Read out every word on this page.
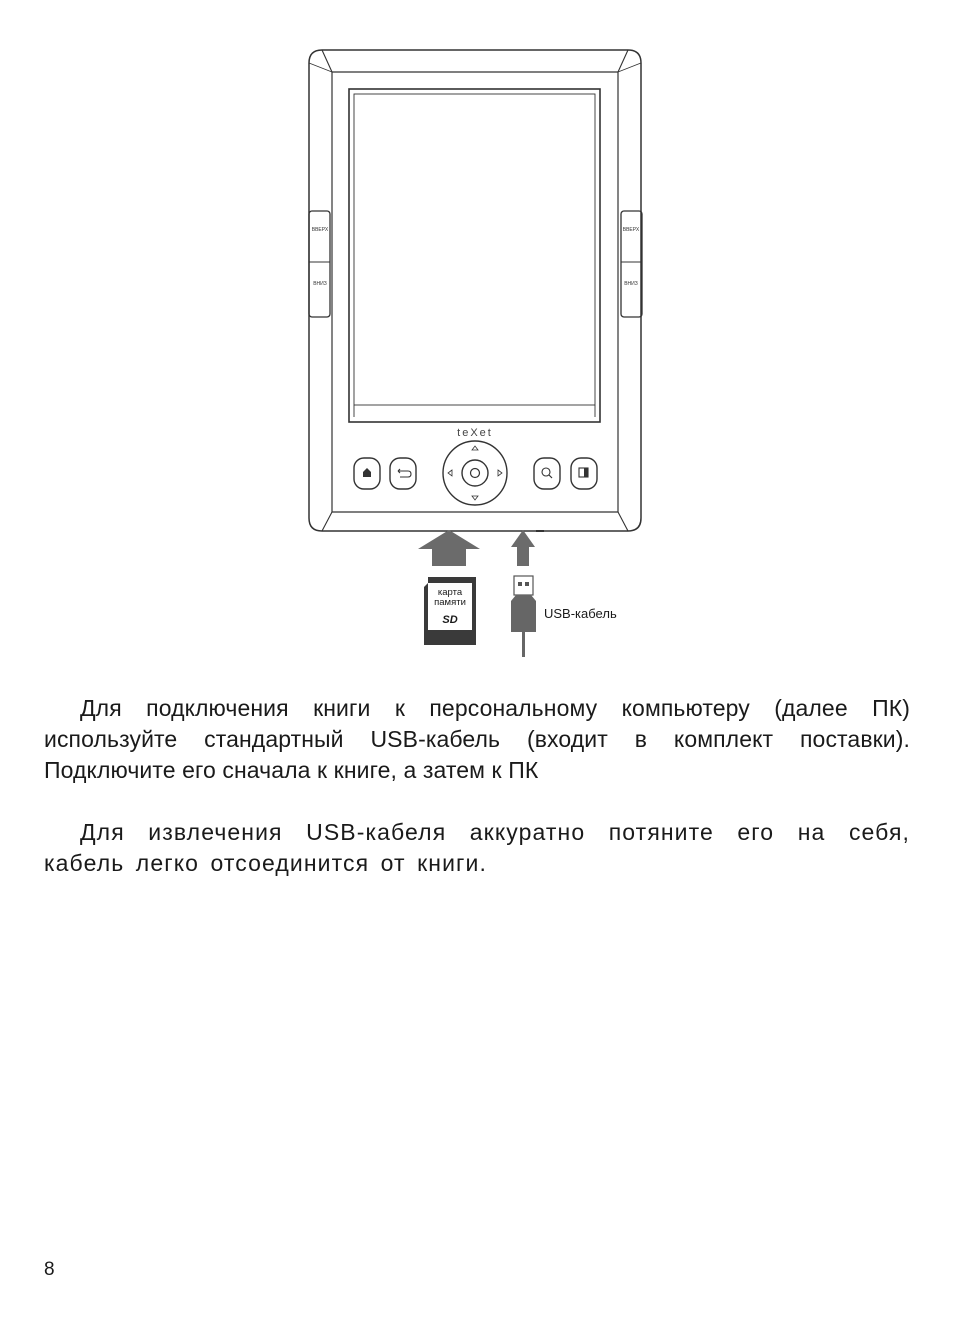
ВВЕРХ
ВНИЗ
ВВЕРХ
ВНИЗ
teXet
карта
памяти
SD	USB-кабель

Для подключения книги к персональному компьютеру (далее ПК) используйте стандартный USB-кабель (входит в комплект поставки). Подключите его сначала к книге, а затем к ПК

Для извлечения USB-кабеля аккуратно потяните его на себя, кабель легко отсоединится от книги.

8
